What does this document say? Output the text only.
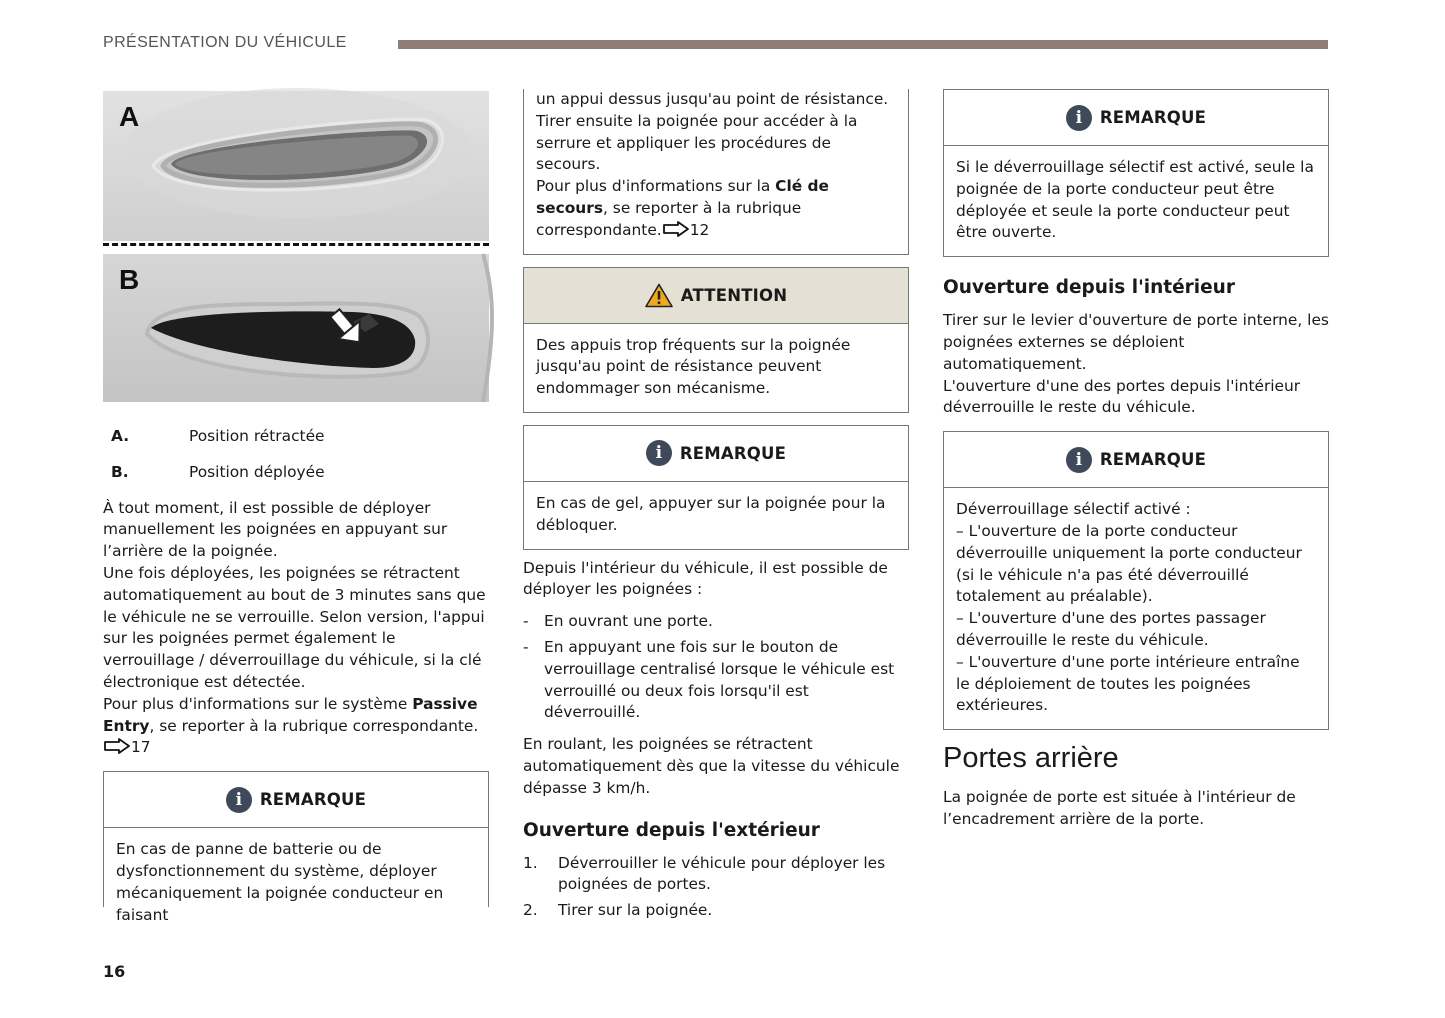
PRÉSENTATION DU VÉHICULE
A
B
A.	Position rétractée
B.	Position déployée

À tout moment, il est possible de déployer manuellement les poignées en appuyant sur l’arrière de la poignée.

Une fois déployées, les poignées se rétractent automatiquement au bout de 3 minutes sans que le véhicule ne se verrouille. Selon version, l'appui sur les poignées permet également le verrouillage / déverrouillage du véhicule, si la clé électronique est détectée.

Pour plus d'informations sur le système Passive Entry, se reporter à la rubrique correspondante.17

i	REMARQUE

En cas de panne de batterie ou de dysfonctionnement du système, déployer mécaniquement la poignée conducteur en faisant

un appui dessus jusqu'au point de résistance. Tirer ensuite la poignée pour accéder à la serrure et appliquer les procédures de secours.

Pour plus d'informations sur la Clé de secours, se reporter à la rubrique correspondante. 12

ATTENTION

Des appuis trop fréquents sur la poignée jusqu'au point de résistance peuvent endommager son mécanisme.

i	REMARQUE

En cas de gel, appuyer sur la poignée pour la débloquer.

Depuis l'intérieur du véhicule, il est possible de déployer les poignées :

-	En ouvrant une porte.
-	En appuyant une fois sur le bouton de verrouillage centralisé lorsque le véhicule est verrouillé ou deux fois lorsqu'il est déverrouillé.

En roulant, les poignées se rétractent automatiquement dès que la vitesse du véhicule dépasse 3 km/h.

Ouverture depuis l'extérieur
1.	Déverrouiller le véhicule pour déployer les poignées de portes.
2.	Tirer sur la poignée.
i	REMARQUE

Si le déverrouillage sélectif est activé, seule la poignée de la porte conducteur peut être déployée et seule la porte conducteur peut être ouverte.

Ouverture depuis l'intérieur

Tirer sur le levier d'ouverture de porte interne, les poignées externes se déploient automatiquement.

L'ouverture d'une des portes depuis l'intérieur déverrouille le reste du véhicule.

i	REMARQUE

Déverrouillage sélectif activé :

– L'ouverture de la porte conducteur déverrouille uniquement la porte conducteur (si le véhicule n'a pas été déverrouillé totalement au préalable).

– L'ouverture d'une des portes passager déverrouille le reste du véhicule.

– L'ouverture d'une porte intérieure entraîne le déploiement de toutes les poignées extérieures.

Portes arrière

La poignée de porte est située à l'intérieur de l’encadrement arrière de la porte.

16
